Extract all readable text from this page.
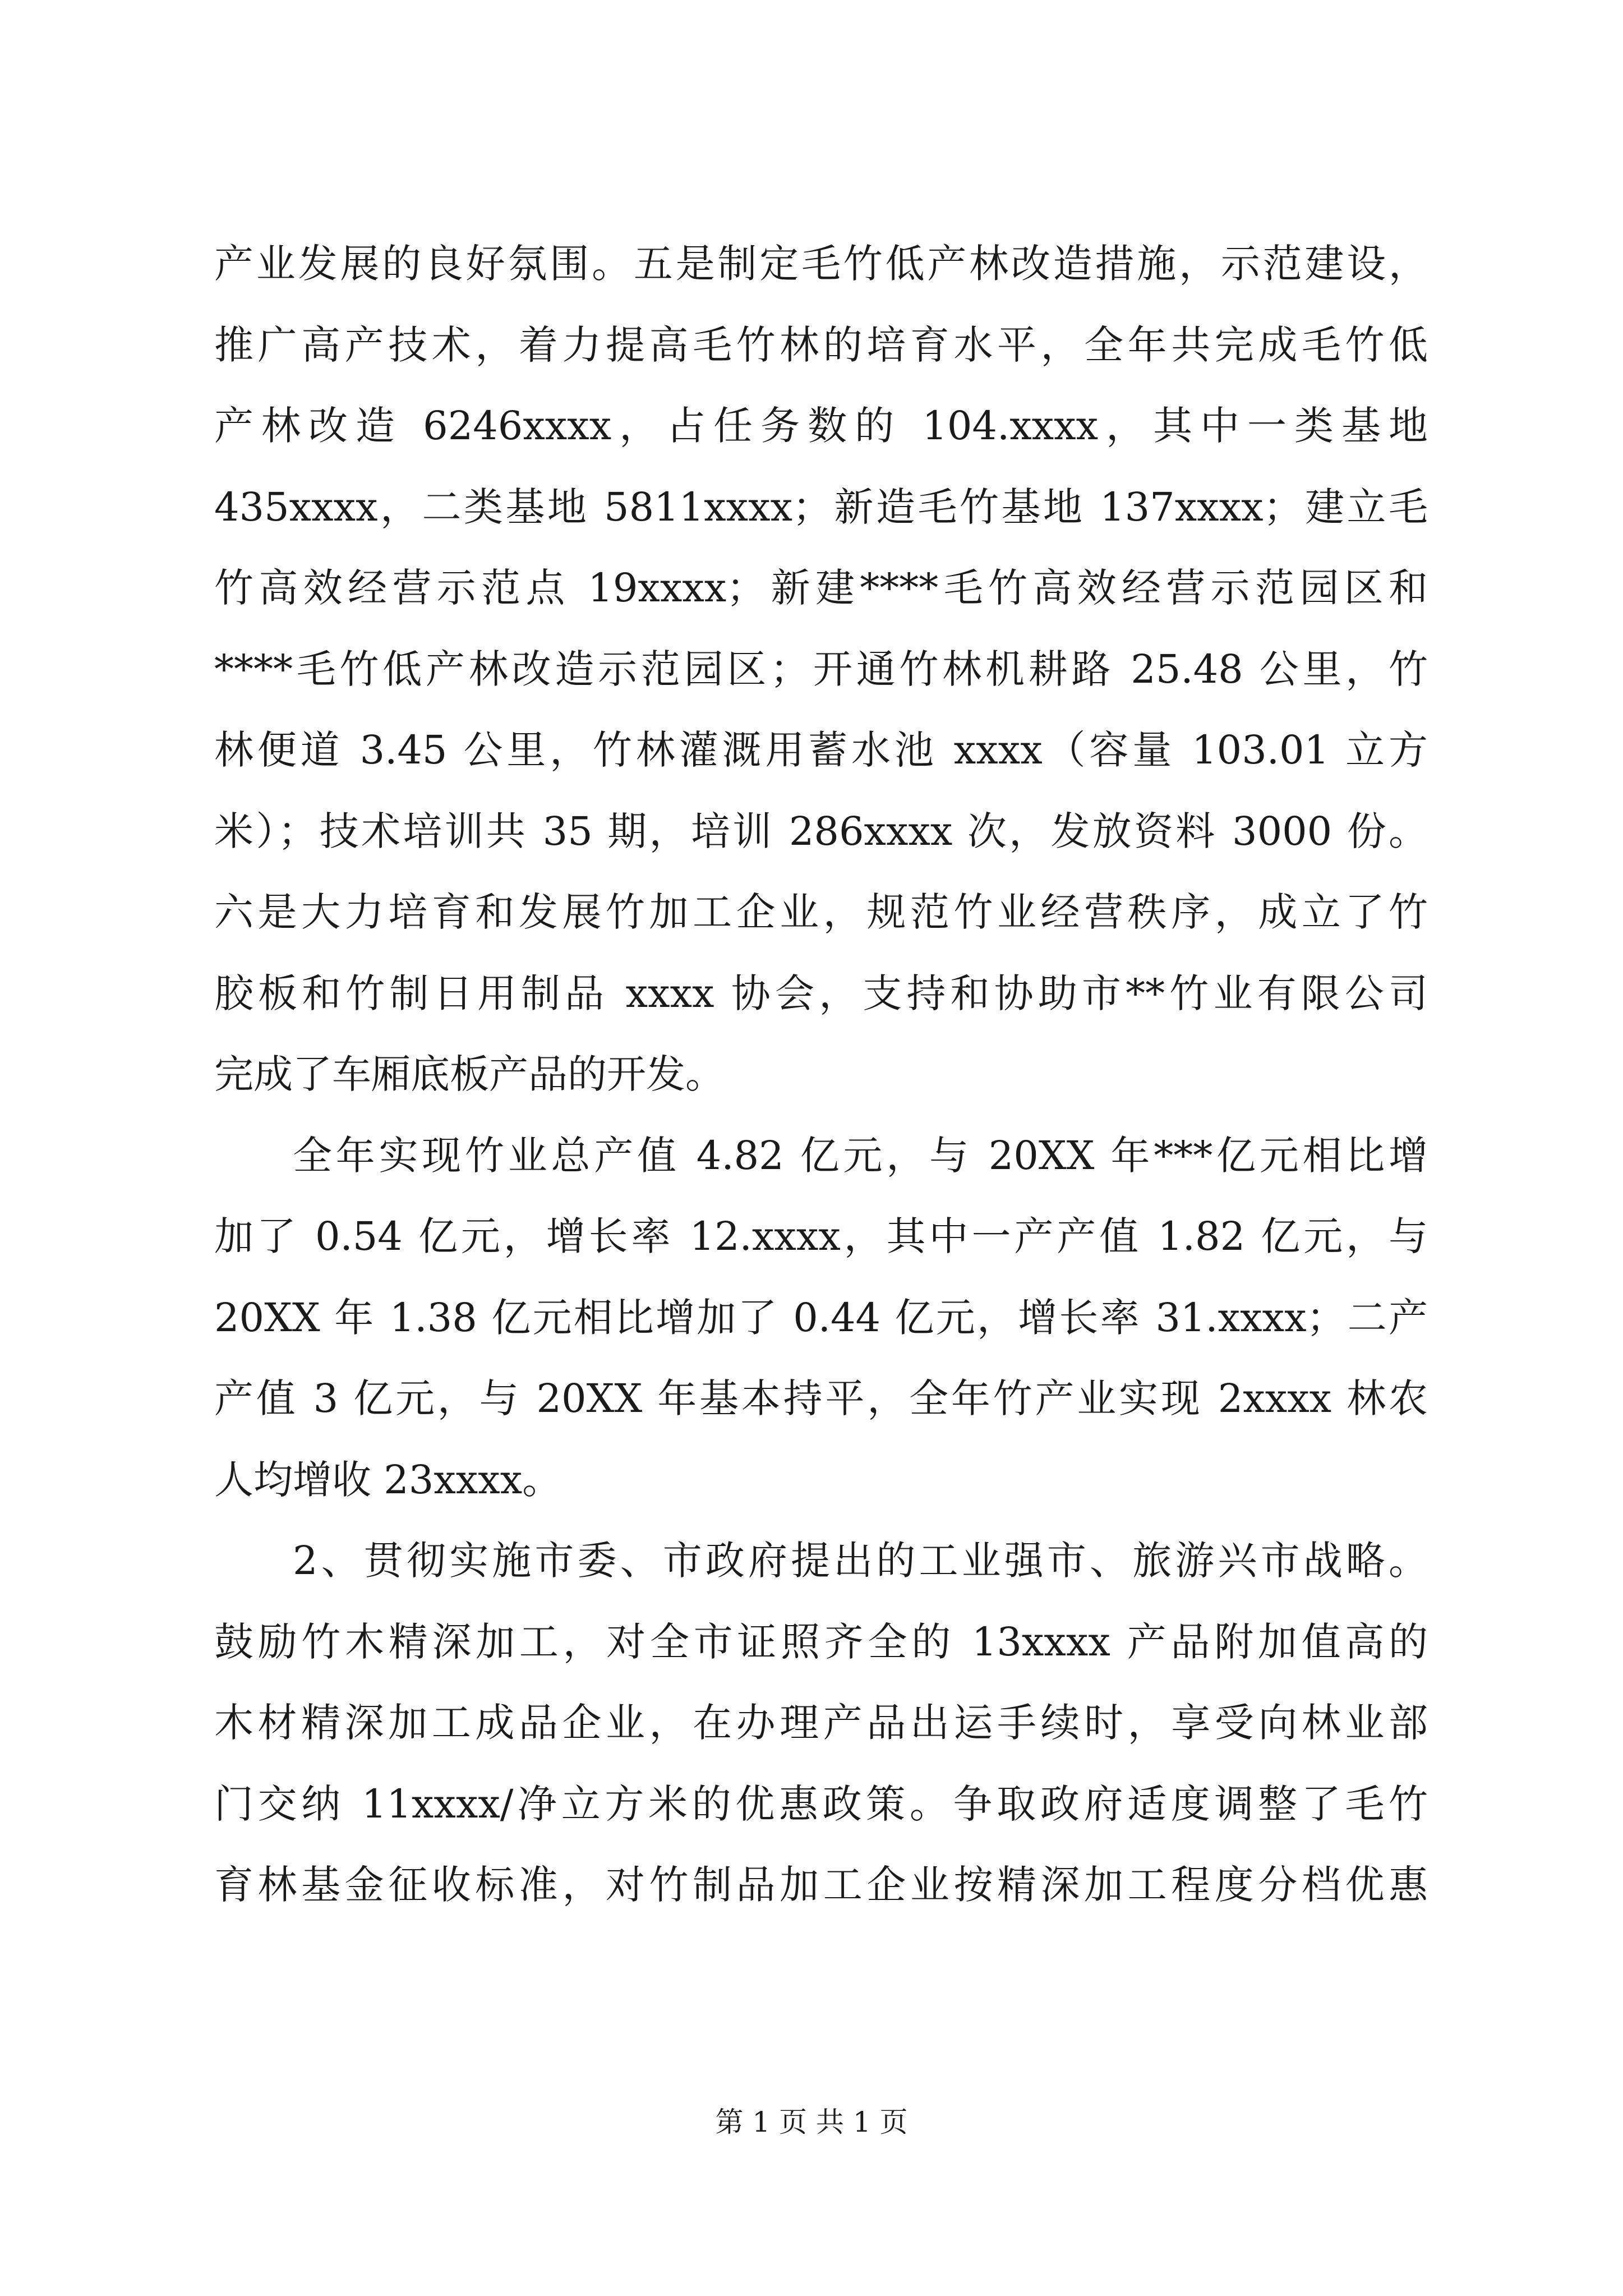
产业发展的良好氛围。五是制定毛竹低产林改造措施，示范建设，
推广高产技术，着力提高毛竹林的培育水平，全年共完成毛竹低
产林改造 6246xxxx，占任务数的 104.xxxx，其中一类基地
435xxxx，二类基地 5811xxxx；新造毛竹基地 137xxxx；建立毛
竹高效经营示范点 19xxxx；新建****毛竹高效经营示范园区和
****毛竹低产林改造示范园区；开通竹林机耕路 25.48 公里，竹
林便道 3.45 公里，竹林灌溉用蓄水池 xxxx（容量 103.01 立方
米）；技术培训共 35 期，培训 286xxxx 次，发放资料 3000 份。
六是大力培育和发展竹加工企业，规范竹业经营秩序，成立了竹
胶板和竹制日用制品 xxxx 协会，支持和协助市**竹业有限公司
完成了车厢底板产品的开发。

全年实现竹业总产值 4.82 亿元，与 20XX 年***亿元相比增
加了 0.54 亿元，增长率 12.xxxx，其中一产产值 1.82 亿元，与
20XX 年 1.38 亿元相比增加了 0.44 亿元，增长率 31.xxxx；二产
产值 3 亿元，与 20XX 年基本持平，全年竹产业实现 2xxxx 林农
人均增收 23xxxx。

2、贯彻实施市委、市政府提出的工业强市、旅游兴市战略。
鼓励竹木精深加工，对全市证照齐全的 13xxxx 产品附加值高的
木材精深加工成品企业，在办理产品出运手续时，享受向林业部
门交纳 11xxxx/净立方米的优惠政策。争取政府适度调整了毛竹
育林基金征收标准，对竹制品加工企业按精深加工程度分档优惠

第 1 页 共 1 页
